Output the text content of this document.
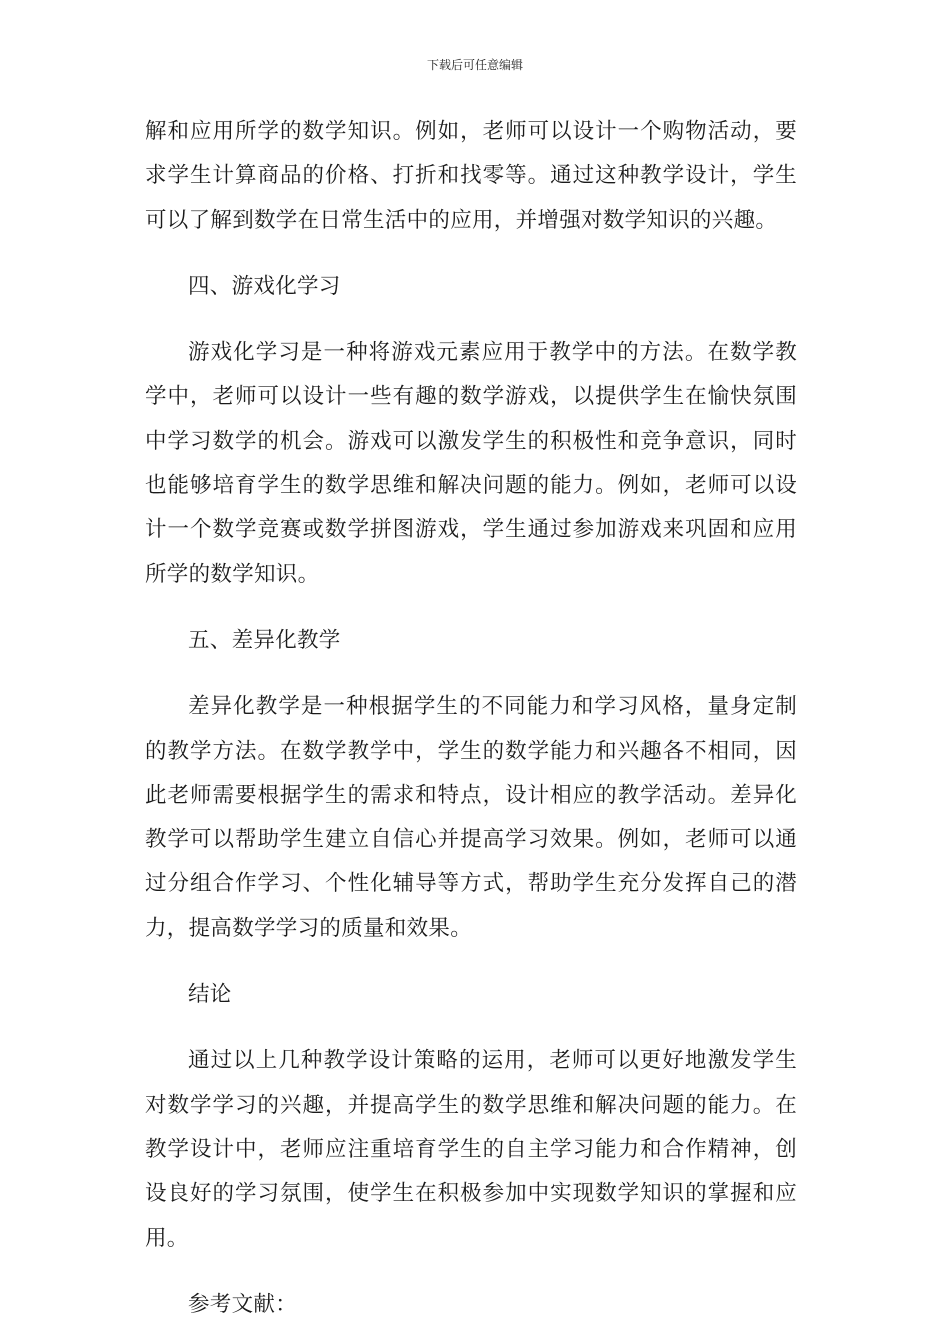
下载后可任意编辑

解和应用所学的数学知识。例如，老师可以设计一个购物活动，要求学生计算商品的价格、打折和找零等。通过这种教学设计，学生可以了解到数学在日常生活中的应用，并增强对数学知识的兴趣。

四、游戏化学习

游戏化学习是一种将游戏元素应用于教学中的方法。在数学教学中，老师可以设计一些有趣的数学游戏，以提供学生在愉快氛围中学习数学的机会。游戏可以激发学生的积极性和竞争意识，同时也能够培育学生的数学思维和解决问题的能力。例如，老师可以设计一个数学竞赛或数学拼图游戏，学生通过参加游戏来巩固和应用所学的数学知识。

五、差异化教学

差异化教学是一种根据学生的不同能力和学习风格，量身定制的教学方法。在数学教学中，学生的数学能力和兴趣各不相同，因此老师需要根据学生的需求和特点，设计相应的教学活动。差异化教学可以帮助学生建立自信心并提高学习效果。例如，老师可以通过分组合作学习、个性化辅导等方式，帮助学生充分发挥自己的潜力，提高数学学习的质量和效果。

结论

通过以上几种教学设计策略的运用，老师可以更好地激发学生对数学学习的兴趣，并提高学生的数学思维和解决问题的能力。在教学设计中，老师应注重培育学生的自主学习能力和合作精神，创设良好的学习氛围，使学生在积极参加中实现数学知识的掌握和应用。

参考文献：
